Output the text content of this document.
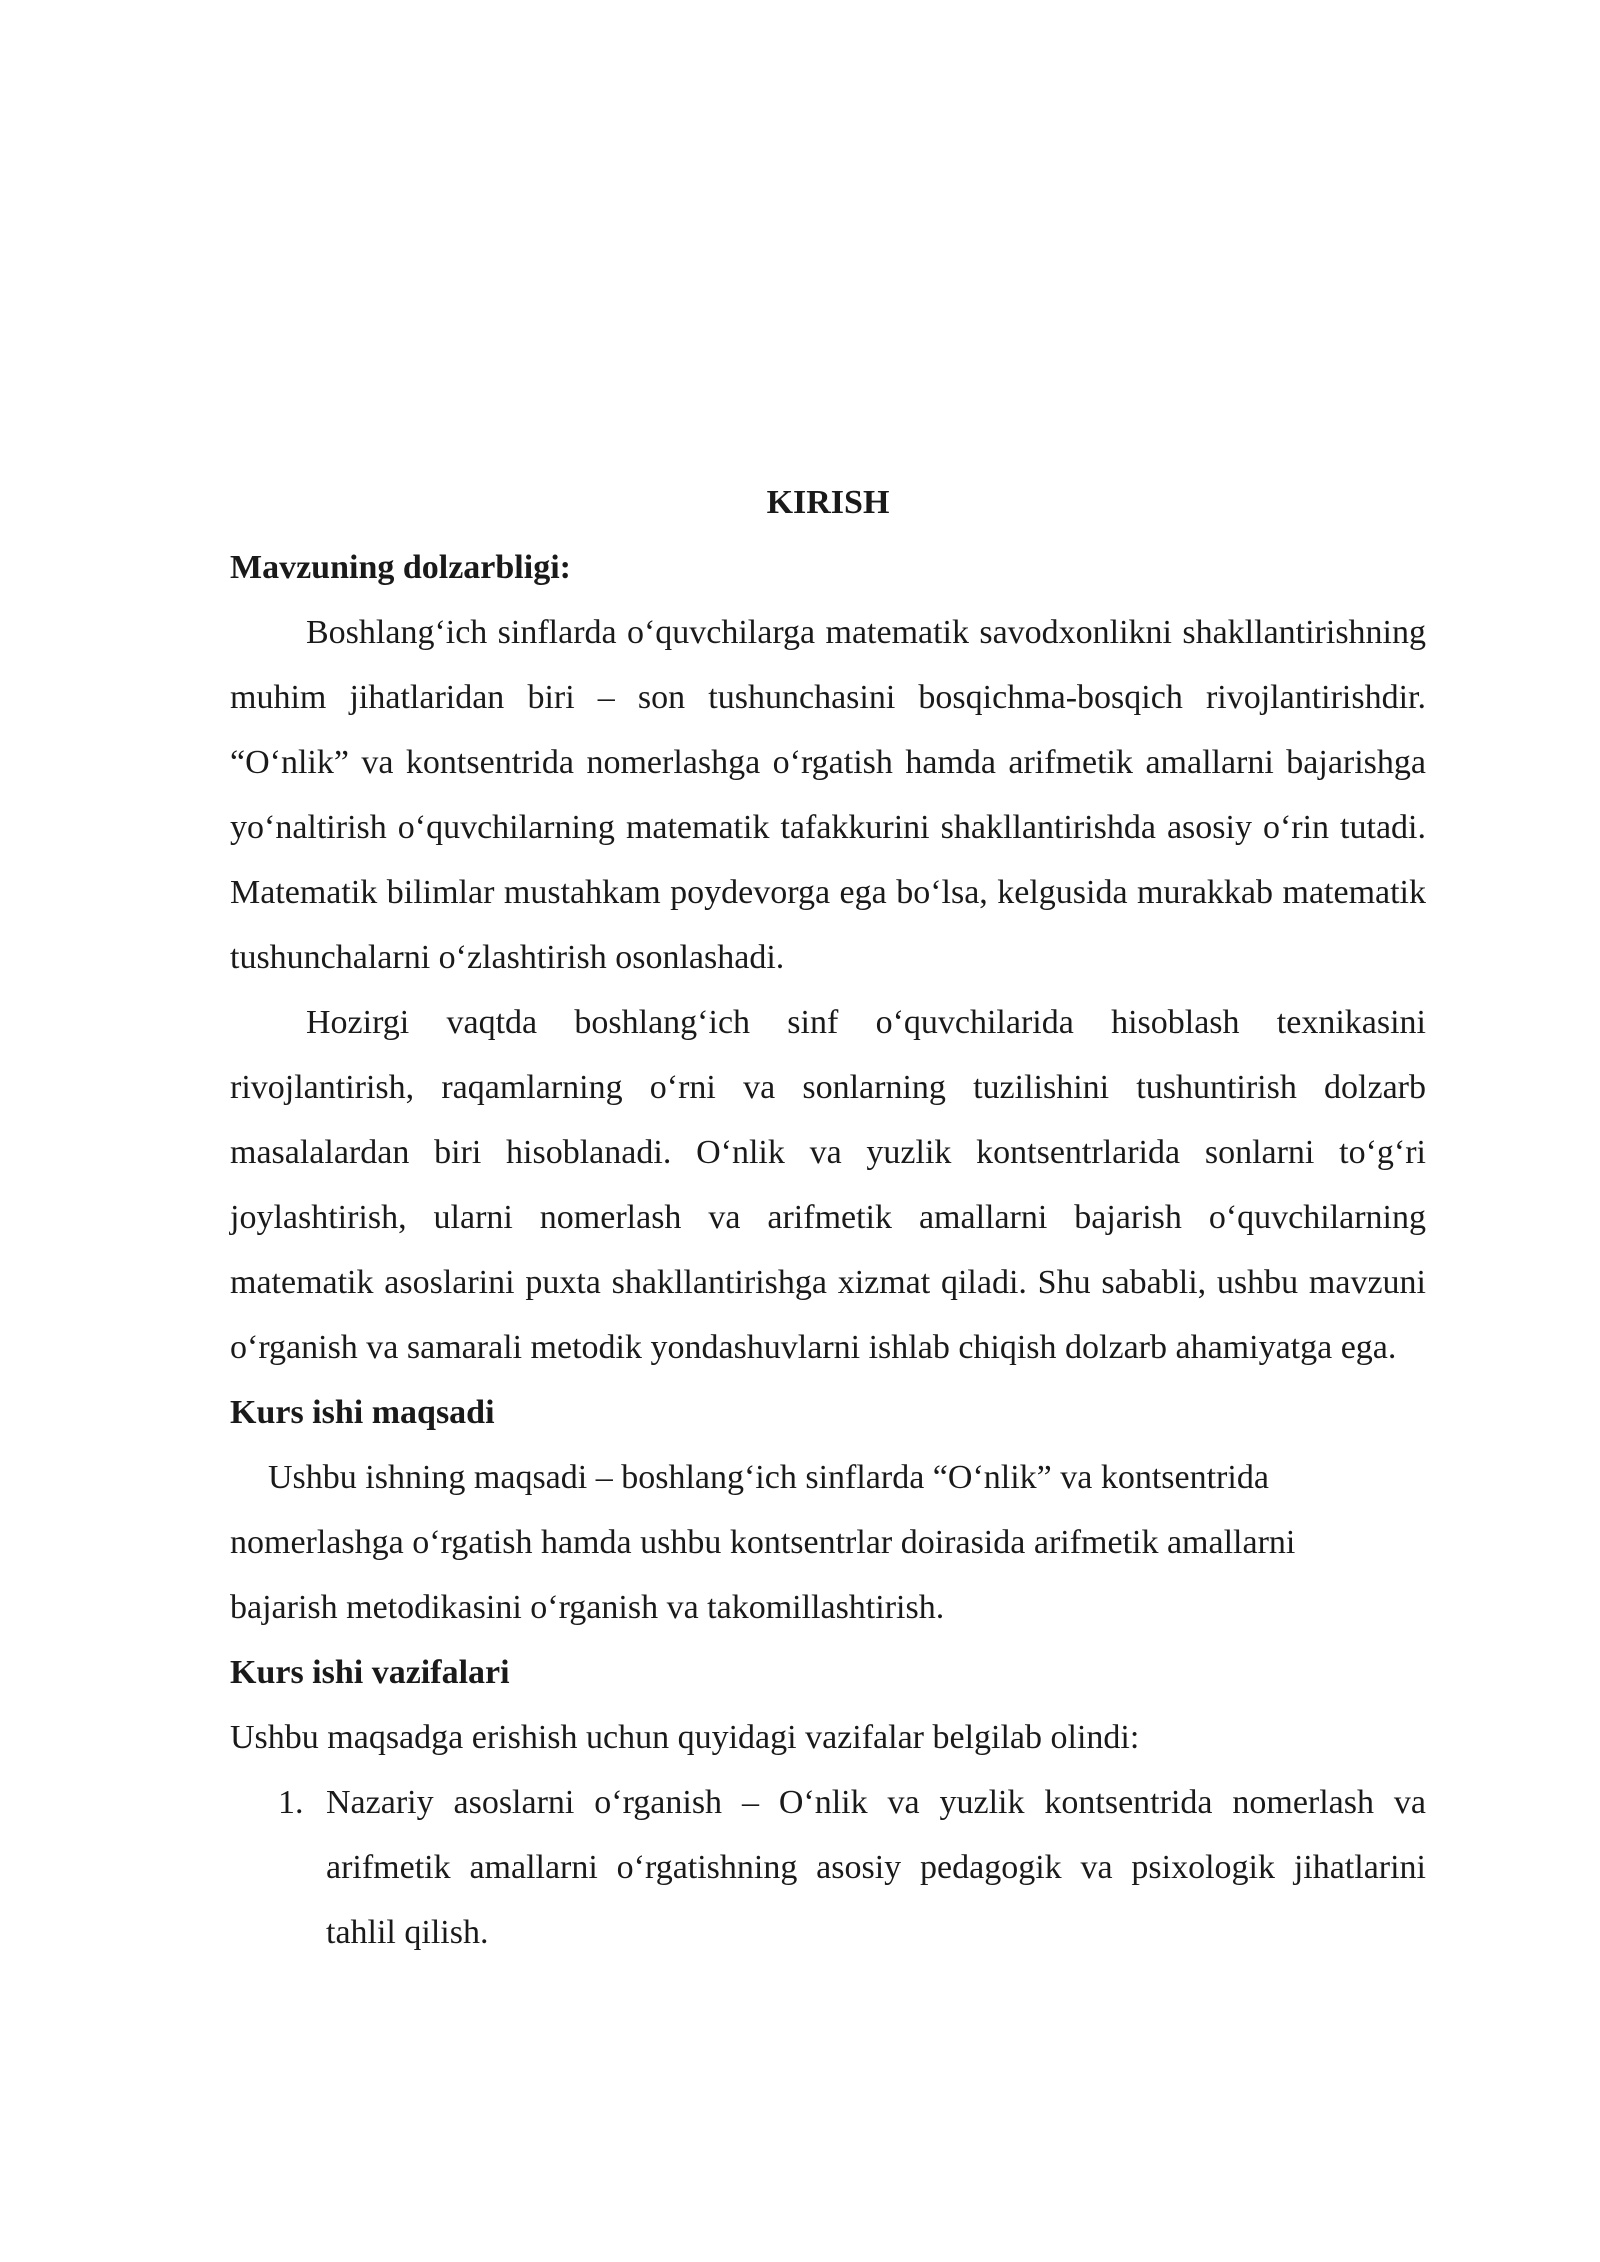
KIRISH

Mavzuning dolzarbligi:

Boshlang‘ich sinflarda o‘quvchilarga matematik savodxonlikni shakllantirishning muhim jihatlaridan biri – son tushunchasini bosqichma-bosqich rivojlantirishdir. “O‘nlik” va kontsentrida nomerlashga o‘rgatish hamda arifmetik amallarni bajarishga yo‘naltirish o‘quvchilarning matematik tafakkurini shakllantirishda asosiy o‘rin tutadi. Matematik bilimlar mustahkam poydevorga ega bo‘lsa, kelgusida murakkab matematik tushunchalarni o‘zlashtirish osonlashadi.

Hozirgi vaqtda boshlang‘ich sinf o‘quvchilarida hisoblash texnikasini rivojlantirish, raqamlarning o‘rni va sonlarning tuzilishini tushuntirish dolzarb masalalardan biri hisoblanadi. O‘nlik va yuzlik kontsentrlarida sonlarni to‘g‘ri joylashtirish, ularni nomerlash va arifmetik amallarni bajarish o‘quvchilarning matematik asoslarini puxta shakllantirishga xizmat qiladi. Shu sababli, ushbu mavzuni o‘rganish va samarali metodik yondashuvlarni ishlab chiqish dolzarb ahamiyatga ega.

Kurs ishi maqsadi

Ushbu ishning maqsadi – boshlang‘ich sinflarda “O‘nlik” va kontsentrida nomerlashga o‘rgatish hamda ushbu kontsentrlar doirasida arifmetik amallarni bajarish metodikasini o‘rganish va takomillashtirish.

Kurs ishi vazifalari

Ushbu maqsadga erishish uchun quyidagi vazifalar belgilab olindi:

1. Nazariy asoslarni o‘rganish – O‘nlik va yuzlik kontsentrida nomerlash va arifmetik amallarni o‘rgatishning asosiy pedagogik va psixologik jihatlarini tahlil qilish.
